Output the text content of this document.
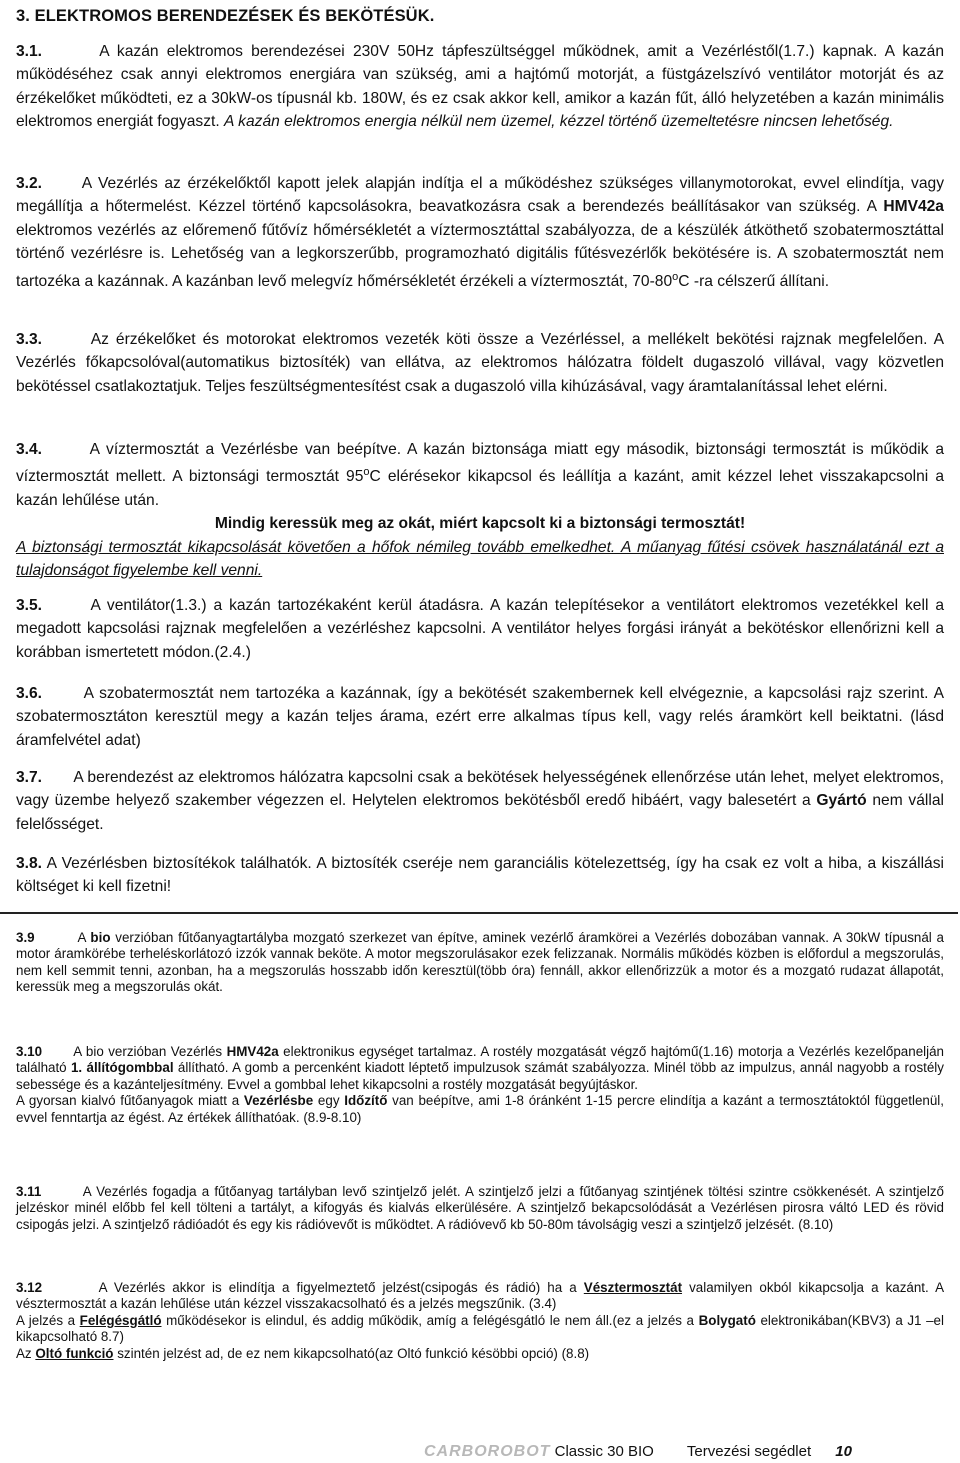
3. ELEKTROMOS BERENDEZÉSEK ÉS BEKÖTÉSÜK.

3.1.	A kazán elektromos berendezései 230V 50Hz tápfeszültséggel működnek, amit a Vezérléstől(1.7.) kapnak. A kazán működéséhez csak annyi elektromos energiára van szükség, ami a hajtómű motorját, a füstgázelszívó ventilátor motorját és az érzékelőket működteti, ez a 30kW-os típusnál kb. 180W, és ez csak akkor kell, amikor a kazán fűt, álló helyzetében a kazán minimális elektromos energiát fogyaszt. A kazán elektromos energia nélkül nem üzemel, kézzel történő üzemeltetésre nincsen lehetőség.

3.2.	A Vezérlés az érzékelőktől kapott jelek alapján indítja el a működéshez szükséges villanymotorokat, evvel elindítja, vagy megállítja a hőtermelést. Kézzel történő kapcsolásokra, beavatkozásra csak a berendezés beállításakor van szükség. A HMV42a elektromos vezérlés az előremenő fűtővíz hőmérsékletét a víztermosztáttal szabályozza, de a készülék átköthető szobatermosztáttal történő vezérlésre is. Lehetőség van a legkorszerűbb, programozható digitális fűtésvezérlők bekötésére is. A szobatermosztát nem tartozéka a kazánnak. A kazánban levő melegvíz hőmérsékletét érzékeli a víztermosztát, 70-80$^o$C -ra célszerű állítani.

3.3.	Az érzékelőket és motorokat elektromos vezeték köti össze a Vezérléssel, a mellékelt bekötési rajznak megfelelően. A Vezérlés főkapcsolóval(automatikus biztosíték) van ellátva, az elektromos hálózatra földelt dugaszoló villával, vagy közvetlen bekötéssel csatlakoztatjuk. Teljes feszültségmentesítést csak a dugaszoló villa kihúzásával, vagy áramtalanítással lehet elérni.

3.4.	A víztermosztát a Vezérlésbe van beépítve. A kazán biztonsága miatt egy második, biztonsági termosztát is működik a víztermosztát mellett. A biztonsági termosztát 95$^o$C elérésekor kikapcsol és leállítja a kazánt, amit kézzel lehet visszakapcsolni a kazán lehűlése után.

Mindig keressük meg az okát, miért kapcsolt ki a biztonsági termosztát!

A biztonsági termosztát kikapcsolását követően a hőfok némileg tovább emelkedhet. A műanyag fűtési csövek használatánál ezt a tulajdonságot figyelembe kell venni.

3.5.	A ventilátor(1.3.) a kazán tartozékaként kerül átadásra. A kazán telepítésekor a ventilátort elektromos vezetékkel kell a megadott kapcsolási rajznak megfelelően a vezérléshez kapcsolni. A ventilátor helyes forgási irányát a bekötéskor ellenőrizni kell a korábban ismertetett módon.(2.4.)

3.6.	A szobatermosztát nem tartozéka a kazánnak, így a bekötését szakembernek kell elvégeznie, a kapcsolási rajz szerint. A szobatermosztáton keresztül megy a kazán teljes árama, ezért erre alkalmas típus kell, vagy relés áramkört kell beiktatni. (lásd áramfelvétel adat)

3.7. A berendezést az elektromos hálózatra kapcsolni csak a bekötések helyességének ellenőrzése után lehet, melyet elektromos, vagy üzembe helyező szakember végezzen el. Helytelen elektromos bekötésből eredő hibáért, vagy balesetért a Gyártó nem vállal felelősséget.

3.8. A Vezérlésben biztosítékok találhatók. A biztosíték cseréje nem garanciális kötelezettség, így ha csak ez volt a hiba, a kiszállási költséget ki kell fizetni!

3.9	A bio verzióban fűtőanyagtartályba mozgató szerkezet van építve, aminek vezérlő áramkörei a Vezérlés dobozában vannak. A 30kW típusnál a motor áramkörébe terheléskorlátozó izzók vannak beköte. A motor megszorulásakor ezek felizzanak. Normális működés közben is előfordul a megszorulás, nem kell semmit tenni, azonban, ha a megszorulás hosszabb időn keresztül(több óra) fennáll, akkor ellenőrizzük a motor és a mozgató rudazat állapotát, keressük meg a megszorulás okát.

3.10 A bio verzióban Vezérlés HMV42a elektronikus egységet tartalmaz. A rostély mozgatását végző hajtómű(1.16) motorja a Vezérlés kezelőpanelján található 1. állítógombbal állítható. A gomb a percenként kiadott léptető impulzusok számát szabályozza. Minél több az impulzus, annál nagyobb a rostély sebessége és a kazánteljesítmény. Evvel a gombbal lehet kikapcsolni a rostély mozgatását begyújtáskor.

A gyorsan kialvó fűtőanyagok miatt a Vezérlésbe egy Időzítő van beépítve, ami 1-8 óránként 1-15 percre elindítja a kazánt a termosztátoktól függetlenül, evvel fenntartja az égést. Az értékek állíthatóak. (8.9-8.10)

3.11	A Vezérlés fogadja a fűtőanyag tartályban levő szintjelző jelét. A szintjelző jelzi a fűtőanyag szintjének töltési szintre csökkenését. A szintjelző jelzéskor minél előbb fel kell tölteni a tartályt, a kifogyás és kialvás elkerülésére. A szintjelző bekapcsolódását a Vezérlésen pirosra váltó LED és rövid csipogás jelzi. A szintjelző rádióadót és egy kis rádióvevőt is működtet. A rádióvevő kb 50-80m távolságig veszi a szintjelző jelzését. (8.10)

3.12	A Vezérlés akkor is elindítja a figyelmeztető jelzést(csipogás és rádió) ha a Vésztermosztát valamilyen okból kikapcsolja a kazánt. A vésztermosztát a kazán lehűlése után kézzel visszakacsolható és a jelzés megszűnik. (3.4)

A jelzés a Felégésgátló működésekor is elindul, és addig működik, amíg a felégésgátló le nem áll.(ez a jelzés a Bolygató elektronikában(KBV3) a J1 –el kikapcsolható 8.7)

Az Oltó funkció szintén jelzést ad, de ez nem kikapcsolható(az Oltó funkció késöbbi opció) (8.8)

CARBOROBOT Classic 30 BIO Tervezési segédlet 10
